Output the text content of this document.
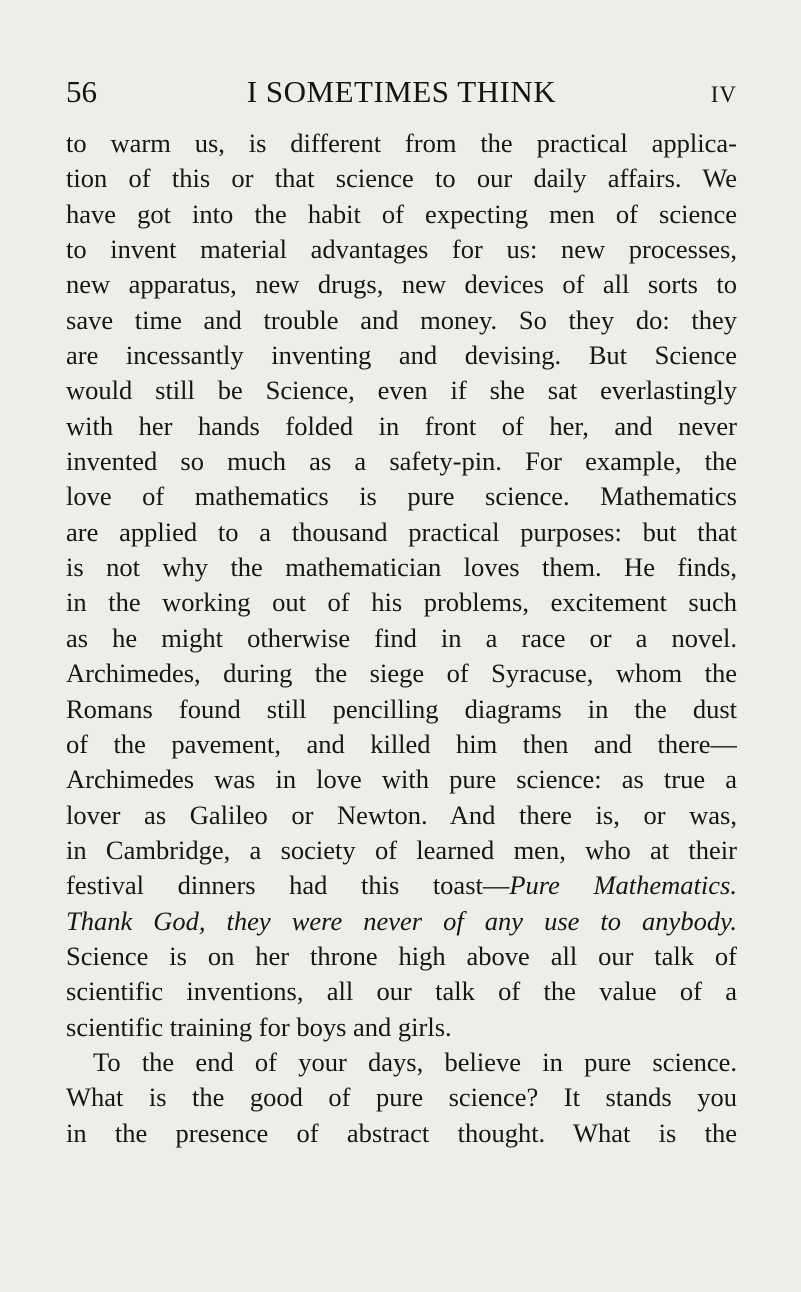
56	I SOMETIMES THINK	IV
to warm us, is different from the practical applica-
tion of this or that science to our daily affairs. We
have got into the habit of expecting men of science
to invent material advantages for us: new processes,
new apparatus, new drugs, new devices of all sorts to
save time and trouble and money. So they do: they
are incessantly inventing and devising. But Science
would still be Science, even if she sat everlastingly
with her hands folded in front of her, and never
invented so much as a safety-pin. For example, the
love of mathematics is pure science. Mathematics
are applied to a thousand practical purposes: but that
is not why the mathematician loves them. He finds,
in the working out of his problems, excitement such
as he might otherwise find in a race or a novel.
Archimedes, during the siege of Syracuse, whom the
Romans found still pencilling diagrams in the dust
of the pavement, and killed him then and there—
Archimedes was in love with pure science: as true a
lover as Galileo or Newton. And there is, or was,
in Cambridge, a society of learned men, who at their
festival dinners had this toast—Pure Mathematics.
Thank God, they were never of any use to anybody.
Science is on her throne high above all our talk of
scientific inventions, all our talk of the value of a
scientific training for boys and girls.
To the end of your days, believe in pure science.
What is the good of pure science? It stands you
in the presence of abstract thought. What is the
